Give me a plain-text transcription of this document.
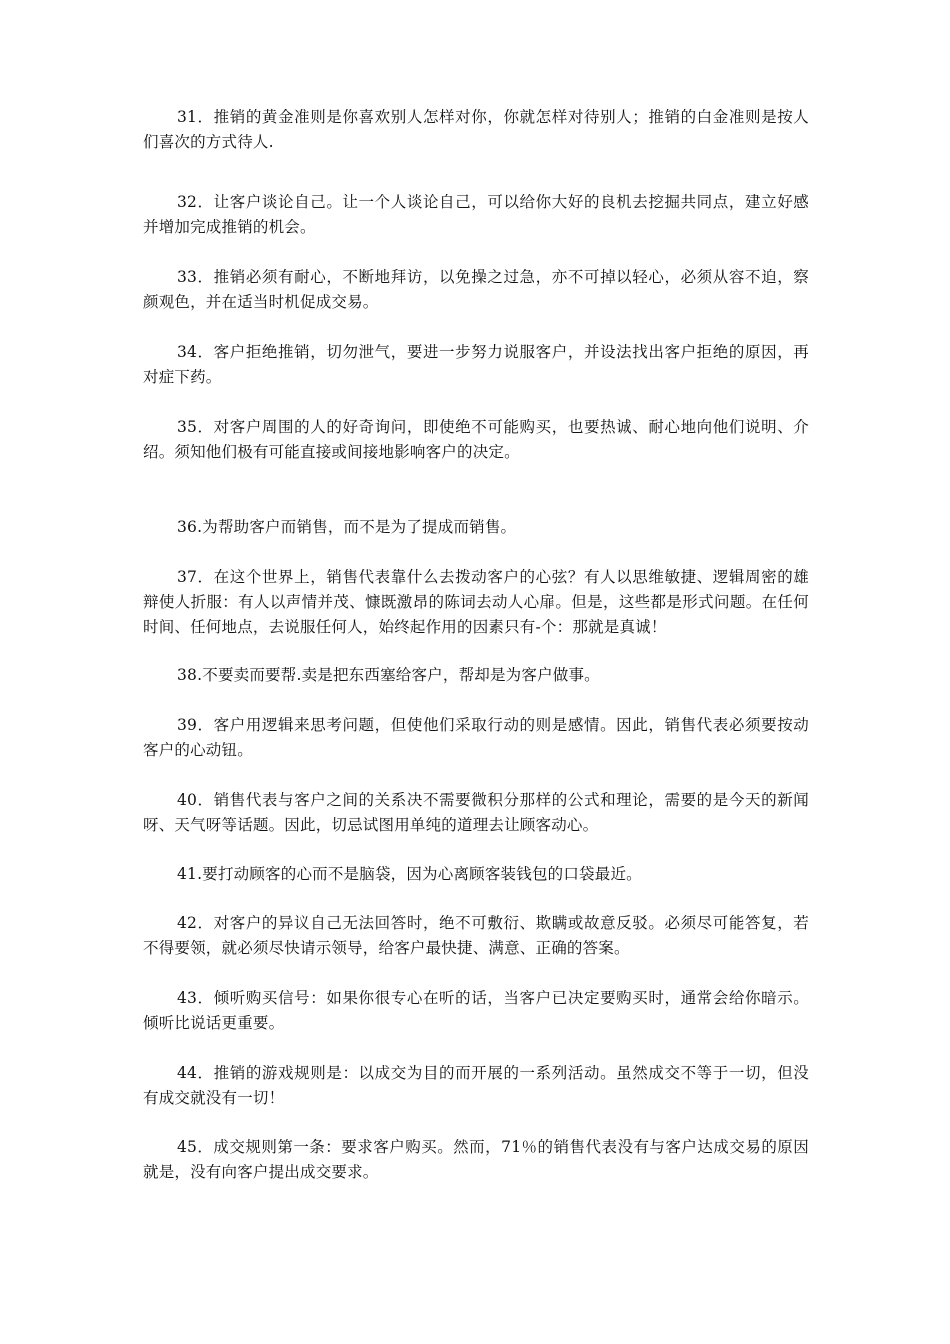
31．推销的黄金准则是你喜欢别人怎样对你，你就怎样对待别人；推销的白金准则是按人们喜次的方式待人.

32．让客户谈论自己。让一个人谈论自己，可以给你大好的良机去挖掘共同点，建立好感并增加完成推销的机会。

33．推销必须有耐心，不断地拜访，以免操之过急，亦不可掉以轻心，必须从容不迫，察颜观色，并在适当时机促成交易。

34．客户拒绝推销，切勿泄气，要进一步努力说服客户，并设法找出客户拒绝的原因，再对症下药。

35．对客户周围的人的好奇询问，即使绝不可能购买，也要热诚、耐心地向他们说明、介绍。须知他们极有可能直接或间接地影响客户的决定。

36.为帮助客户而销售，而不是为了提成而销售。

37．在这个世界上，销售代表靠什么去拨动客户的心弦？有人以思维敏捷、逻辑周密的雄辩使人折服：有人以声情并茂、慷既激昂的陈词去动人心扉。但是，这些都是形式问题。在任何时间、任何地点，去说服任何人，始终起作用的因素只有-个：那就是真诚！

38.不要卖而要帮.卖是把东西塞给客户，帮却是为客户做事。

39．客户用逻辑来思考问题，但使他们采取行动的则是感情。因此，销售代表必须要按动客户的心动钮。

40．销售代表与客户之间的关系决不需要微积分那样的公式和理论，需要的是今天的新闻呀、天气呀等话题。因此，切忌试图用单纯的道理去让顾客动心。

41.要打动顾客的心而不是脑袋，因为心离顾客装钱包的口袋最近。

42．对客户的异议自己无法回答时，绝不可敷衍、欺瞒或故意反驳。必须尽可能答复，若不得要领，就必须尽快请示领导，给客户最快捷、满意、正确的答案。

43．倾听购买信号：如果你很专心在听的话，当客户已决定要购买时，通常会给你暗示。倾听比说话更重要。

44．推销的游戏规则是：以成交为目的而开展的一系列活动。虽然成交不等于一切，但没有成交就没有一切！

45．成交规则第一条：要求客户购买。然而，71％的销售代表没有与客户达成交易的原因就是，没有向客户提出成交要求。
